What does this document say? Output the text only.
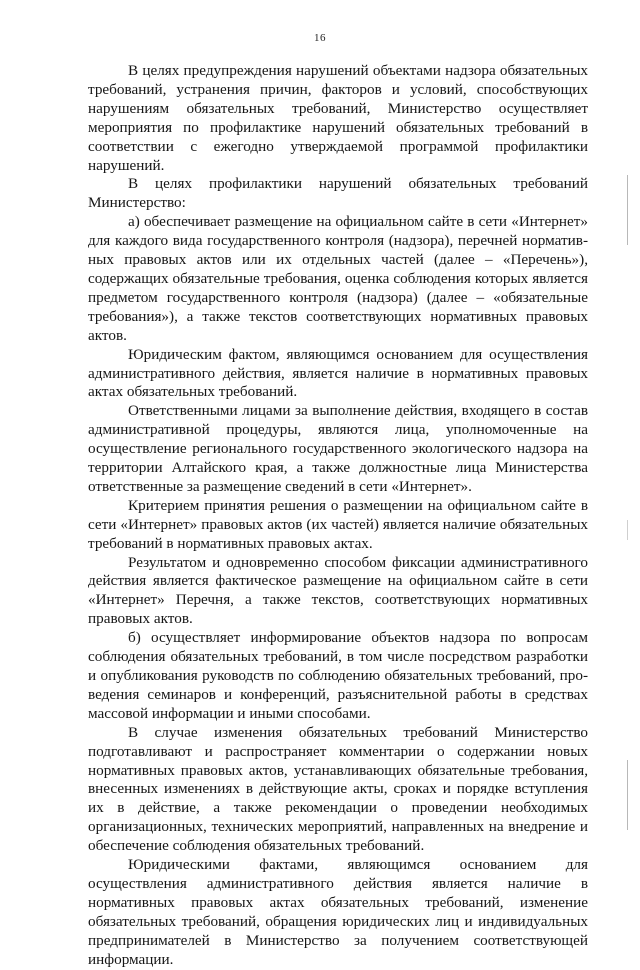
16

В целях предупреждения нарушений объектами надзора обязательных требований, устранения причин, факторов и условий, способствующих нарушениям обязательных требований, Министерство осуществляет мероприятия по профилактике нарушений обязательных требований в соответствии с ежегодно утверждаемой программой профилактики нарушений.

В целях профилактики нарушений обязательных требований Министерство:

а) обеспечивает размещение на официальном сайте в сети «Интернет» для каждого вида государственного контроля (надзора), перечней нормативных правовых актов или их отдельных частей (далее – «Перечень»), содержащих обязательные требования, оценка соблюдения которых является предметом государственного контроля (надзора) (далее – «обязательные требования»), а также текстов соответствующих нормативных правовых актов.

Юридическим фактом, являющимся основанием для осуществления административного действия, является наличие в нормативных правовых актах обязательных требований.

Ответственными лицами за выполнение действия, входящего в состав административной процедуры, являются лица, уполномоченные на осуществление регионального государственного экологического надзора на территории Алтайского края, а также должностные лица Министерства ответственные за размещение сведений в сети «Интернет».

Критерием принятия решения о размещении на официальном сайте в сети «Интернет» правовых актов (их частей) является наличие обязательных требований в нормативных правовых актах.

Результатом и одновременно способом фиксации административного действия является фактическое размещение на официальном сайте в сети «Интернет» Перечня, а также текстов, соответствующих нормативных правовых актов.

б) осуществляет информирование объектов надзора по вопросам соблюдения обязательных требований, в том числе посредством разработки и опубликования руководств по соблюдению обязательных требований, проведения семинаров и конференций, разъяснительной работы в средствах массовой информации и иными способами.

В случае изменения обязательных требований Министерство подготавливают и распространяет комментарии о содержании новых нормативных правовых актов, устанавливающих обязательные требования, внесенных изменениях в действующие акты, сроках и порядке вступления их в действие, а также рекомендации о проведении необходимых организационных, технических мероприятий, направленных на внедрение и обеспечение соблюдения обязательных требований.

Юридическими фактами, являющимся основанием для осуществления административного действия является наличие в нормативных правовых актах обязательных требований, изменение обязательных требований, обращения юридических лиц и индивидуальных предпринимателей в Министерство за получением соответствующей информации.
